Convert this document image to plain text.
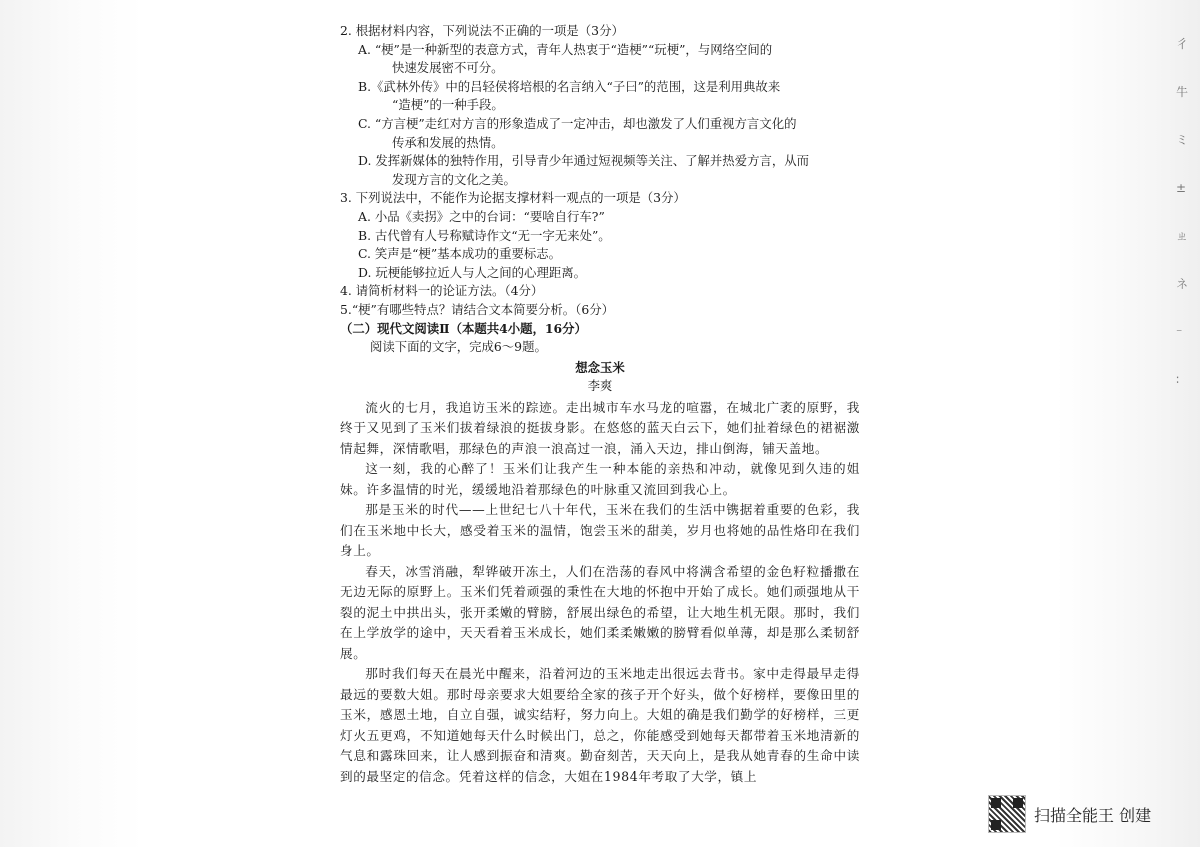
彳
牛
ミ
±
ㄓ
ネ
⁻
∶

2. 根据材料内容，下列说法不正确的一项是（3分）

A. “梗”是一种新型的表意方式，青年人热衷于“造梗”“玩梗”，与网络空间的

快速发展密不可分。

B.《武林外传》中的吕轻侯将培根的名言纳入“子曰”的范围，这是利用典故来

“造梗”的一种手段。

C. “方言梗”走红对方言的形象造成了一定冲击，却也激发了人们重视方言文化的

传承和发展的热情。

D. 发挥新媒体的独特作用，引导青少年通过短视频等关注、了解并热爱方言，从而

发现方言的文化之美。

3. 下列说法中，不能作为论据支撑材料一观点的一项是（3分）

A. 小品《卖拐》之中的台词：“要啥自行车?”

B. 古代曾有人号称赋诗作文“无一字无来处”。

C. 笑声是“梗”基本成功的重要标志。

D. 玩梗能够拉近人与人之间的心理距离。

4. 请简析材料一的论证方法。（4分）

5.“梗”有哪些特点？请结合文本简要分析。（6分）

（二）现代文阅读Ⅱ（本题共4小题，16分）

阅读下面的文字，完成6～9题。

想念玉米

李爽

流火的七月，我追访玉米的踪迹。走出城市车水马龙的喧嚣，在城北广袤的原野，我终于又见到了玉米们拔着绿浪的挺拔身影。在悠悠的蓝天白云下，她们扯着绿色的裙裾激情起舞，深情歌唱，那绿色的声浪一浪高过一浪，涌入天边，排山倒海，铺天盖地。

这一刻，我的心醉了！玉米们让我产生一种本能的亲热和冲动，就像见到久违的姐妹。许多温情的时光，缓缓地沿着那绿色的叶脉重又流回到我心上。

那是玉米的时代——上世纪七八十年代，玉米在我们的生活中镌据着重要的色彩，我们在玉米地中长大，感受着玉米的温情，饱尝玉米的甜美，岁月也将她的品性烙印在我们身上。

春天，冰雪消融，犁铧破开冻土，人们在浩荡的春风中将满含希望的金色籽粒播撒在无边无际的原野上。玉米们凭着顽强的秉性在大地的怀抱中开始了成长。她们顽强地从干裂的泥土中拱出头，张开柔嫩的臂膀，舒展出绿色的希望，让大地生机无限。那时，我们在上学放学的途中，天天看着玉米成长，她们柔柔嫩嫩的膀臂看似单薄，却是那么柔韧舒展。

那时我们每天在晨光中醒来，沿着河边的玉米地走出很远去背书。家中走得最早走得最远的要数大姐。那时母亲要求大姐要给全家的孩子开个好头，做个好榜样，要像田里的玉米，感恩土地，自立自强，诚实结籽，努力向上。大姐的确是我们勤学的好榜样，三更灯火五更鸡，不知道她每天什么时候出门，总之，你能感受到她每天都带着玉米地清新的气息和露珠回来，让人感到振奋和清爽。勤奋刻苦，天天向上，是我从她青春的生命中读到的最坚定的信念。凭着这样的信念，大姐在1984年考取了大学，镇上

扫描全能王 创建
